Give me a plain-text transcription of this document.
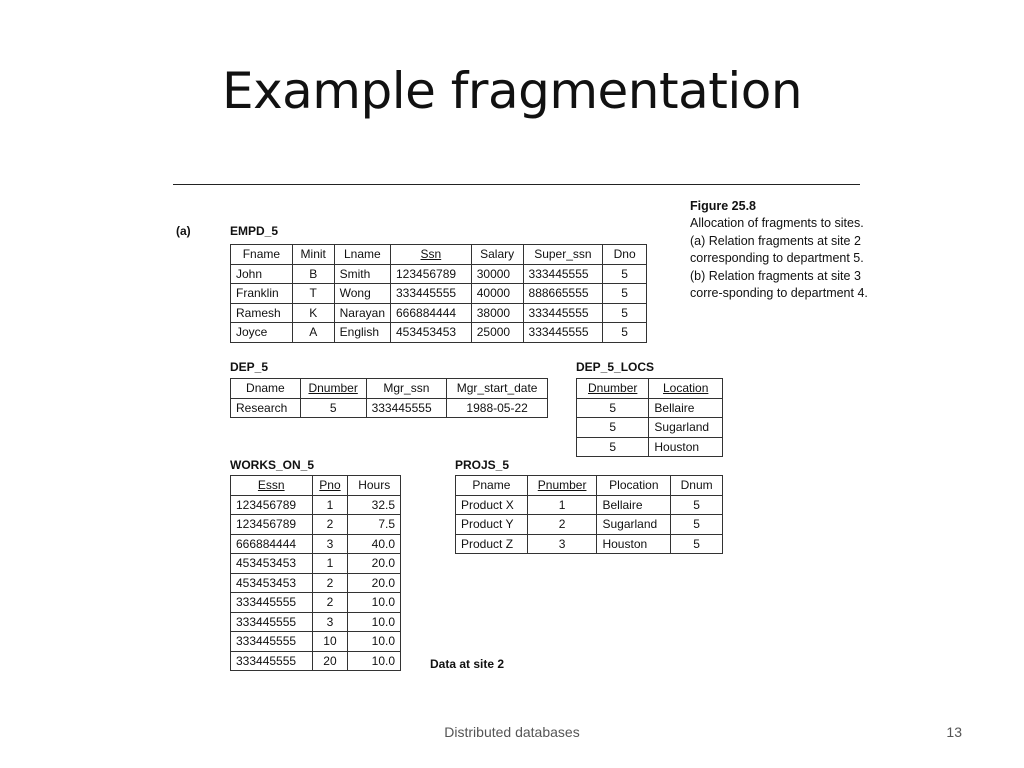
Example fragmentation
(a)
Figure 25.8
Allocation of fragments to sites. (a) Relation fragments at site 2 corresponding to department 5. (b) Relation fragments at site 3 corre-sponding to department 4.
EMPD_5
Fname	Minit	Lname	Ssn	Salary	Super_ssn	Dno
John	B	Smith	123456789	30000	333445555	5
Franklin	T	Wong	333445555	40000	888665555	5
Ramesh	K	Narayan	666884444	38000	333445555	5
Joyce	A	English	453453453	25000	333445555	5
DEP_5
Dname	Dnumber	Mgr_ssn	Mgr_start_date
Research	5	333445555	1988-05-22
DEP_5_LOCS
Dnumber	Location
5	Bellaire
5	Sugarland
5	Houston
WORKS_ON_5
Essn	Pno	Hours
123456789	1	32.5
123456789	2	7.5
666884444	3	40.0
453453453	1	20.0
453453453	2	20.0
333445555	2	10.0
333445555	3	10.0
333445555	10	10.0
333445555	20	10.0
PROJS_5
Pname	Pnumber	Plocation	Dnum
Product X	1	Bellaire	5
Product Y	2	Sugarland	5
Product Z	3	Houston	5
Data at site 2
Distributed databases	13
